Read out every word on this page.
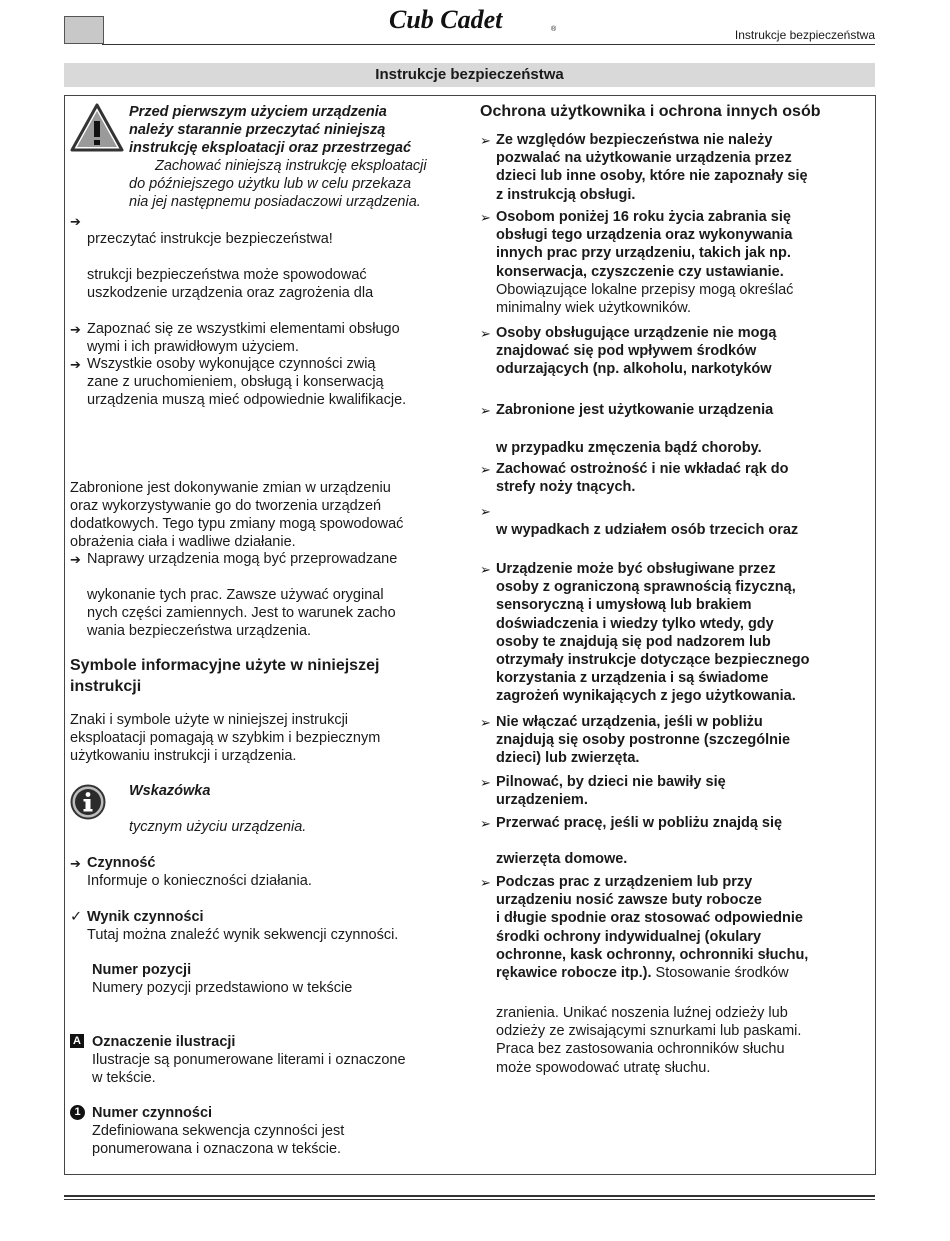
Cub Cadet	®	Instrukcje bezpieczeństwa
Instrukcje bezpieczeństwa
Przed pierwszym użyciem urządzenia
należy starannie przeczytać niniejszą
instrukcję eksploatacji oraz przestrzegać
Zachować niniejszą instrukcję eksploatacji
do późniejszego użytku lub w celu przekaza
nia jej następnemu posiadaczowi urządzenia.
➔
przeczytać instrukcje bezpieczeństwa!
strukcji bezpieczeństwa może spowodować
uszkodzenie urządzenia oraz zagrożenia dla
➔ Zapoznać się ze wszystkimi elementami obsługo
wymi i ich prawidłowym użyciem.
➔ Wszystkie osoby wykonujące czynności zwią
zane z uruchomieniem, obsługą i konserwacją
urządzenia muszą mieć odpowiednie kwalifikacje.
Zabronione jest dokonywanie zmian w urządzeniu
oraz wykorzystywanie go do tworzenia urządzeń
dodatkowych. Tego typu zmiany mogą spowodować
obrażenia ciała i wadliwe działanie.
➔ Naprawy urządzenia mogą być przeprowadzane
wykonanie tych prac. Zawsze używać oryginal
nych części zamiennych. Jest to warunek zacho
wania bezpieczeństwa urządzenia.
Symbole informacyjne użyte w niniejszej
instrukcji
Znaki i symbole użyte w niniejszej instrukcji
eksploatacji pomagają w szybkim i bezpiecznym
użytkowaniu instrukcji i urządzenia.
Wskazówka
tycznym użyciu urządzenia.
➔ Czynność
Informuje o konieczności działania.
✓ Wynik czynności
Tutaj można znaleźć wynik sekwencji czynności.
Numer pozycji
Numery pozycji przedstawiono w tekście
A Oznaczenie ilustracji
Ilustracje są ponumerowane literami i oznaczone
w tekście.
1 Numer czynności
Zdefiniowana sekwencja czynności jest
ponumerowana i oznaczona w tekście.
Ochrona użytkownika i ochrona innych osób
➢ Ze względów bezpieczeństwa nie należy
pozwalać na użytkowanie urządzenia przez
dzieci lub inne osoby, które nie zapoznały się
z instrukcją obsługi.
➢ Osobom poniżej 16 roku życia zabrania się
obsługi tego urządzenia oraz wykonywania
innych prac przy urządzeniu, takich jak np.
konserwacja, czyszczenie czy ustawianie.
Obowiązujące lokalne przepisy mogą określać
minimalny wiek użytkowników.
➢ Osoby obsługujące urządzenie nie mogą
znajdować się pod wpływem środków
odurzających (np. alkoholu, narkotyków
➢ Zabronione jest użytkowanie urządzenia
w przypadku zmęczenia bądź choroby.
➢ Zachować ostrożność i nie wkładać rąk do
strefy noży tnących.
➢
w wypadkach z udziałem osób trzecich oraz
➢ Urządzenie może być obsługiwane przez
osoby z ograniczoną sprawnością fizyczną,
sensoryczną i umysłową lub brakiem
doświadczenia i wiedzy tylko wtedy, gdy
osoby te znajdują się pod nadzorem lub
otrzymały instrukcje dotyczące bezpiecznego
korzystania z urządzenia i są świadome
zagrożeń wynikających z jego użytkowania.
➢ Nie włączać urządzenia, jeśli w pobliżu
znajdują się osoby postronne (szczególnie
dzieci) lub zwierzęta.
➢ Pilnować, by dzieci nie bawiły się
urządzeniem.
➢ Przerwać pracę, jeśli w pobliżu znajdą się
zwierzęta domowe.
➢ Podczas prac z urządzeniem lub przy
urządzeniu nosić zawsze buty robocze
i długie spodnie oraz stosować odpowiednie
środki ochrony indywidualnej (okulary
ochronne, kask ochronny, ochronniki słuchu,
rękawice robocze itp.). Stosowanie środków
zranienia. Unikać noszenia luźnej odzieży lub
odzieży ze zwisającymi sznurkami lub paskami.
Praca bez zastosowania ochronników słuchu
może spowodować utratę słuchu.
